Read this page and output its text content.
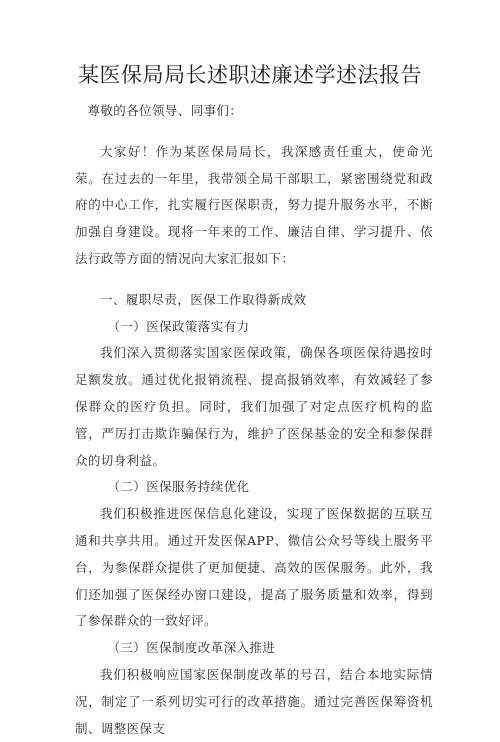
某医保局局长述职述廉述学述法报告

尊敬的各位领导、同事们：

大家好！作为某医保局局长，我深感责任重大，使命光荣。在过去的一年里，我带领全局干部职工，紧密围绕党和政府的中心工作，扎实履行医保职责，努力提升服务水平，不断加强自身建设。现将一年来的工作、廉洁自律、学习提升、依法行政等方面的情况向大家汇报如下：

一、履职尽责，医保工作取得新成效
（一）医保政策落实有力

我们深入贯彻落实国家医保政策，确保各项医保待遇按时足额发放。通过优化报销流程、提高报销效率，有效减轻了参保群众的医疗负担。同时，我们加强了对定点医疗机构的监管，严厉打击欺诈骗保行为，维护了医保基金的安全和参保群众的切身利益。

（二）医保服务持续优化

我们积极推进医保信息化建设，实现了医保数据的互联互通和共享共用。通过开发医保APP、微信公众号等线上服务平台，为参保群众提供了更加便捷、高效的医保服务。此外，我们还加强了医保经办窗口建设，提高了服务质量和效率，得到了参保群众的一致好评。

（三）医保制度改革深入推进

我们积极响应国家医保制度改革的号召，结合本地实际情况，制定了一系列切实可行的改革措施。通过完善医保筹资机制、调整医保支
